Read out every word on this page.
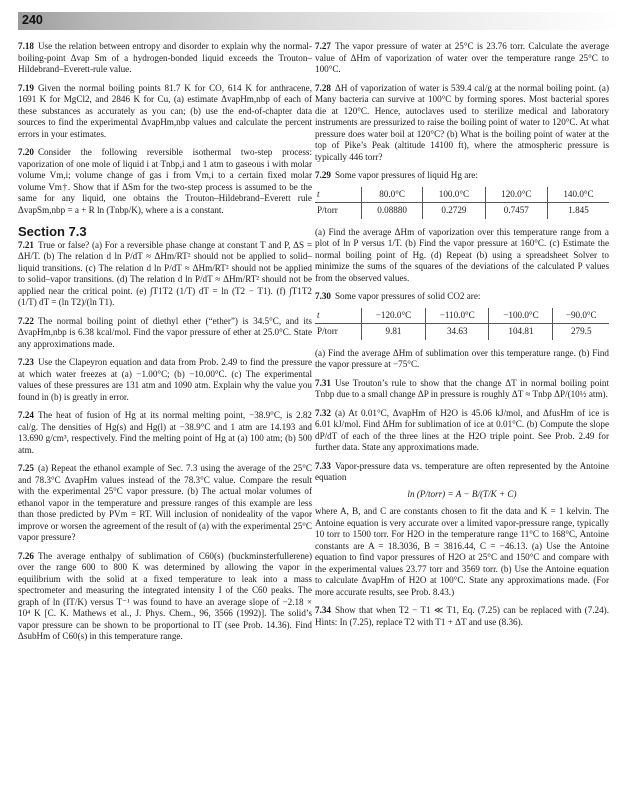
240

7.18 Use the relation between entropy and disorder to explain why the normal-boiling-point Δvap Sm of a hydrogen-bonded liquid exceeds the Trouton–Hildebrand–Everett-rule value.

7.19 Given the normal boiling points 81.7 K for CO, 614 K for anthracene, 1691 K for MgCl2, and 2846 K for Cu, (a) estimate ΔvapHm,nbp of each of these substances as accurately as you can; (b) use the end-of-chapter data sources to find the experimental ΔvapHm,nbp values and calculate the percent errors in your estimates.

7.20 Consider the following reversible isothermal two-step process: vaporization of one mole of liquid i at Tnbp,i and 1 atm to gaseous i with molar volume Vm,i; volume change of gas i from Vm,i to a certain fixed molar volume Vm†. Show that if ΔSm for the two-step process is assumed to be the same for any liquid, one obtains the Trouton–Hildebrand–Everett rule ΔvapSm,nbp = a + R ln (Tnbp/K), where a is a constant.

Section 7.3

7.21 True or false? (a) For a reversible phase change at constant T and P, ΔS = ΔH/T. (b) The relation d ln P/dT ≈ ΔHm/RT² should not be applied to solid–liquid transitions. (c) The relation d ln P/dT ≈ ΔHm/RT² should not be applied to solid–vapor transitions. (d) The relation d ln P/dT ≈ ΔHm/RT² should not be applied near the critical point. (e) ∫T1T2 (1/T) dT = ln (T2 − T1). (f) ∫T1T2 (1/T) dT = (ln T2)/(ln T1).

7.22 The normal boiling point of diethyl ether (“ether”) is 34.5°C, and its ΔvapHm,nbp is 6.38 kcal/mol. Find the vapor pressure of ether at 25.0°C. State any approximations made.

7.23 Use the Clapeyron equation and data from Prob. 2.49 to find the pressure at which water freezes at (a) −1.00°C; (b) −10.00°C. (c) The experimental values of these pressures are 131 atm and 1090 atm. Explain why the value you found in (b) is greatly in error.

7.24 The heat of fusion of Hg at its normal melting point, −38.9°C, is 2.82 cal/g. The densities of Hg(s) and Hg(l) at −38.9°C and 1 atm are 14.193 and 13.690 g/cm³, respectively. Find the melting point of Hg at (a) 100 atm; (b) 500 atm.

7.25 (a) Repeat the ethanol example of Sec. 7.3 using the average of the 25°C and 78.3°C ΔvapHm values instead of the 78.3°C value. Compare the result with the experimental 25°C vapor pressure. (b) The actual molar volumes of ethanol vapor in the temperature and pressure ranges of this example are less than those predicted by PVm = RT. Will inclusion of nonideality of the vapor improve or worsen the agreement of the result of (a) with the experimental 25°C vapor pressure?

7.26 The average enthalpy of sublimation of C60(s) (buckminsterfullerene) over the range 600 to 800 K was determined by allowing the vapor in equilibrium with the solid at a fixed temperature to leak into a mass spectrometer and measuring the integrated intensity I of the C60 peaks. The graph of ln (IT/K) versus T⁻¹ was found to have an average slope of −2.18 × 10⁴ K [C. K. Mathews et al., J. Phys. Chem., 96, 3566 (1992)]. The solid’s vapor pressure can be shown to be proportional to IT (see Prob. 14.36). Find ΔsubHm of C60(s) in this temperature range.

7.27 The vapor pressure of water at 25°C is 23.76 torr. Calculate the average value of ΔHm of vaporization of water over the temperature range 25°C to 100°C.

7.28 ΔH of vaporization of water is 539.4 cal/g at the normal boiling point. (a) Many bacteria can survive at 100°C by forming spores. Most bacterial spores die at 120°C. Hence, autoclaves used to sterilize medical and laboratory instruments are pressurized to raise the boiling point of water to 120°C. At what pressure does water boil at 120°C? (b) What is the boiling point of water at the top of Pike’s Peak (altitude 14100 ft), where the atmospheric pressure is typically 446 torr?

7.29 Some vapor pressures of liquid Hg are:

t	80.0°C	100.0°C	120.0°C	140.0°C
P/torr	0.08880	0.2729	0.7457	1.845

(a) Find the average ΔHm of vaporization over this temperature range from a plot of ln P versus 1/T. (b) Find the vapor pressure at 160°C. (c) Estimate the normal boiling point of Hg. (d) Repeat (b) using a spreadsheet Solver to minimize the sums of the squares of the deviations of the calculated P values from the observed values.

7.30 Some vapor pressures of solid CO2 are:

t	−120.0°C	−110.0°C	−100.0°C	−90.0°C
P/torr	9.81	34.63	104.81	279.5

(a) Find the average ΔHm of sublimation over this temperature range. (b) Find the vapor pressure at −75°C.

7.31 Use Trouton’s rule to show that the change ΔT in normal boiling point Tnbp due to a small change ΔP in pressure is roughly ΔT ≈ Tnbp ΔP/(10½ atm).

7.32 (a) At 0.01°C, ΔvapHm of H2O is 45.06 kJ/mol, and ΔfusHm of ice is 6.01 kJ/mol. Find ΔHm for sublimation of ice at 0.01°C. (b) Compute the slope dP/dT of each of the three lines at the H2O triple point. See Prob. 2.49 for further data. State any approximations made.

7.33 Vapor-pressure data vs. temperature are often represented by the Antoine equation

ln (P/torr) = A − B/(T/K + C)

where A, B, and C are constants chosen to fit the data and K = 1 kelvin. The Antoine equation is very accurate over a limited vapor-pressure range, typically 10 torr to 1500 torr. For H2O in the temperature range 11°C to 168°C, Antoine constants are A = 18.3036, B = 3816.44, C = −46.13. (a) Use the Antoine equation to find vapor pressures of H2O at 25°C and 150°C and compare with the experimental values 23.77 torr and 3569 torr. (b) Use the Antoine equation to calculate ΔvapHm of H2O at 100°C. State any approximations made. (For more accurate results, see Prob. 8.43.)

7.34 Show that when T2 − T1 ≪ T1, Eq. (7.25) can be replaced with (7.24). Hints: In (7.25), replace T2 with T1 + ΔT and use (8.36).
